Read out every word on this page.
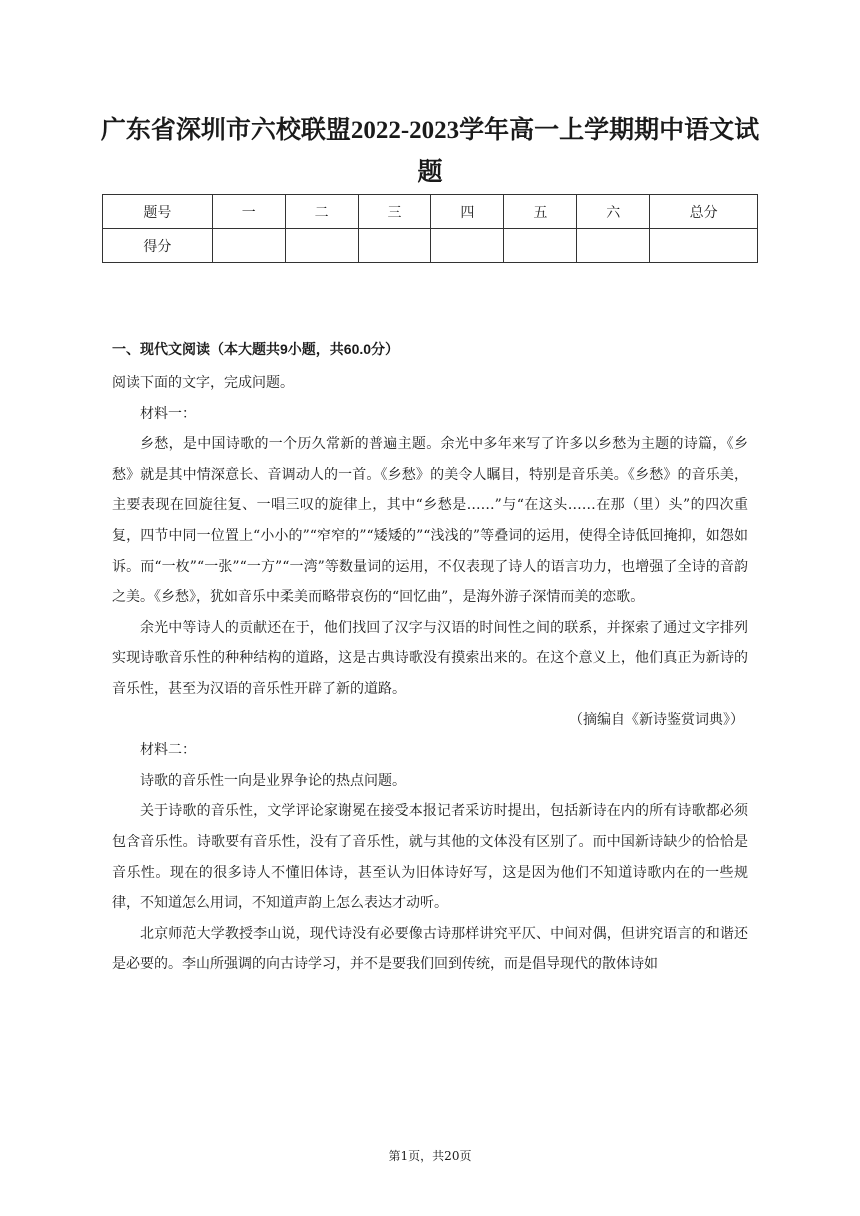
广东省深圳市六校联盟2022-2023学年高一上学期期中语文试题
题号	一	二	三	四	五	六	总分
得分							
一、现代文阅读（本大题共9小题，共60.0分）

阅读下面的文字，完成问题。

材料一：

乡愁，是中国诗歌的一个历久常新的普遍主题。余光中多年来写了许多以乡愁为主题的诗篇，《乡愁》就是其中情深意长、音调动人的一首。《乡愁》的美令人瞩目，特别是音乐美。《乡愁》的音乐美，主要表现在回旋往复、一唱三叹的旋律上，其中“乡愁是……”与“在这头……在那（里）头”的四次重复，四节中同一位置上“小小的”“窄窄的”“矮矮的”“浅浅的”等叠词的运用，使得全诗低回掩抑，如怨如诉。而“一枚”“一张”“一方”“一湾”等数量词的运用，不仅表现了诗人的语言功力，也增强了全诗的音韵之美。《乡愁》，犹如音乐中柔美而略带哀伤的“回忆曲”，是海外游子深情而美的恋歌。

余光中等诗人的贡献还在于，他们找回了汉字与汉语的时间性之间的联系，并探索了通过文字排列实现诗歌音乐性的种种结构的道路，这是古典诗歌没有摸索出来的。在这个意义上，他们真正为新诗的音乐性，甚至为汉语的音乐性开辟了新的道路。

（摘编自《新诗鉴赏词典》）

材料二：

诗歌的音乐性一向是业界争论的热点问题。

关于诗歌的音乐性，文学评论家谢冕在接受本报记者采访时提出，包括新诗在内的所有诗歌都必须包含音乐性。诗歌要有音乐性，没有了音乐性，就与其他的文体没有区别了。而中国新诗缺少的恰恰是音乐性。现在的很多诗人不懂旧体诗，甚至认为旧体诗好写，这是因为他们不知道诗歌内在的一些规律，不知道怎么用词，不知道声韵上怎么表达才动听。

北京师范大学教授李山说，现代诗没有必要像古诗那样讲究平仄、中间对偶，但讲究语言的和谐还是必要的。李山所强调的向古诗学习，并不是要我们回到传统，而是倡导现代的散体诗如

第1页，共20页
